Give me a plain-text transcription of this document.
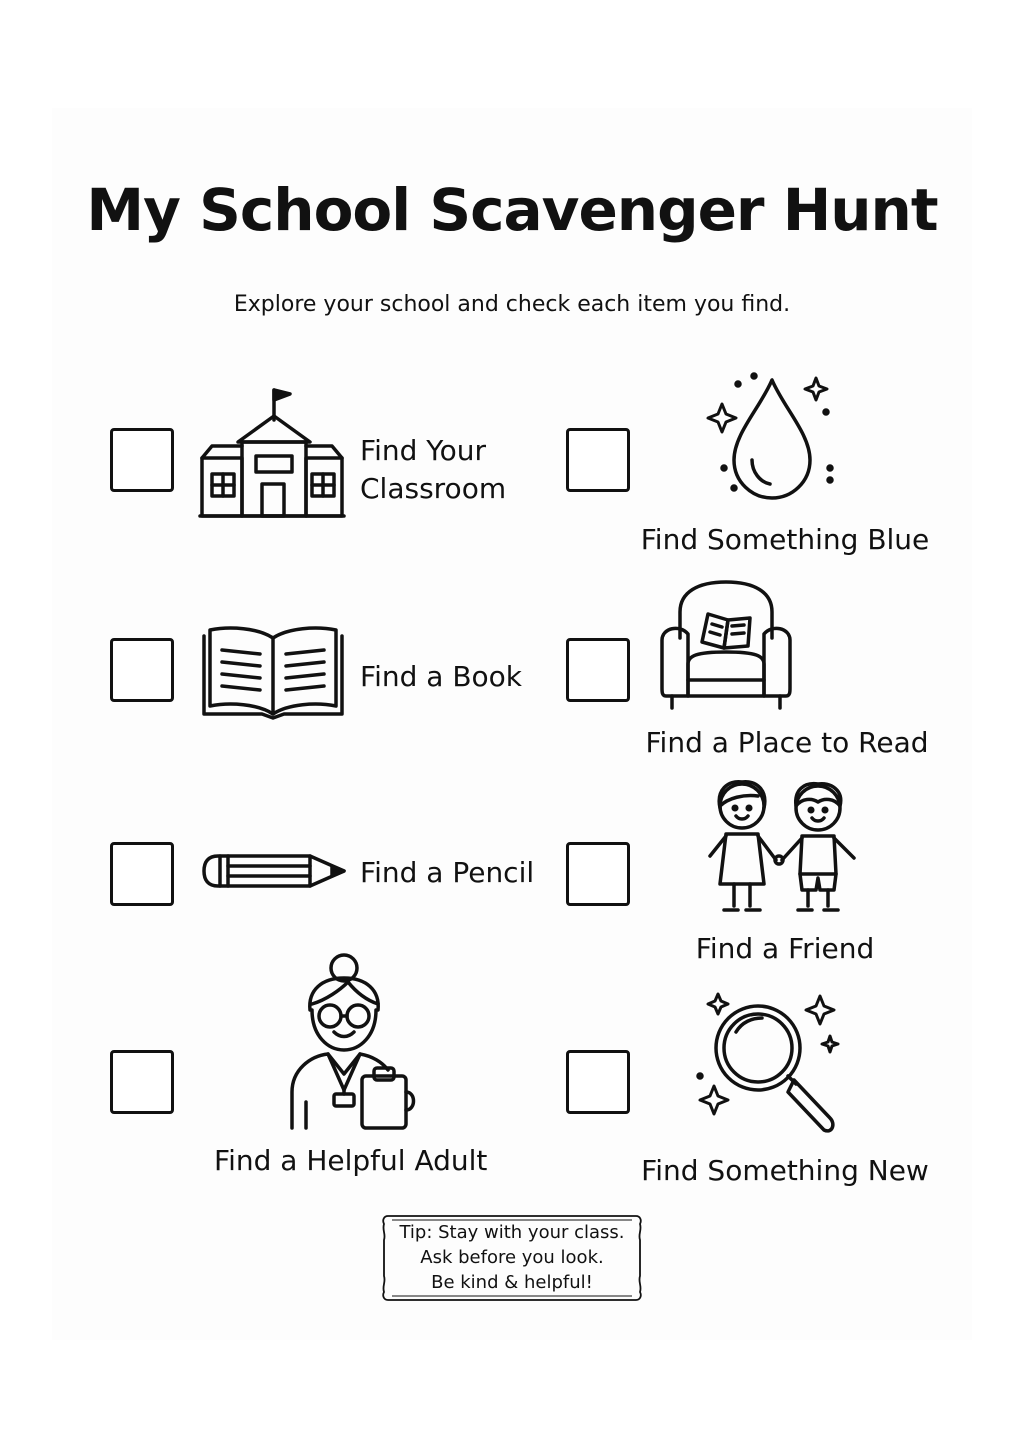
My School Scavenger Hunt
Explore your school and check each item you find.
Find Your
Classroom
Find Something Blue
Find a Book
Find a Place to Read
Find a Pencil
Find a Friend
Find a Helpful Adult	Find Something New
Tip: Stay with your class.
Ask before you look.
Be kind & helpful!
